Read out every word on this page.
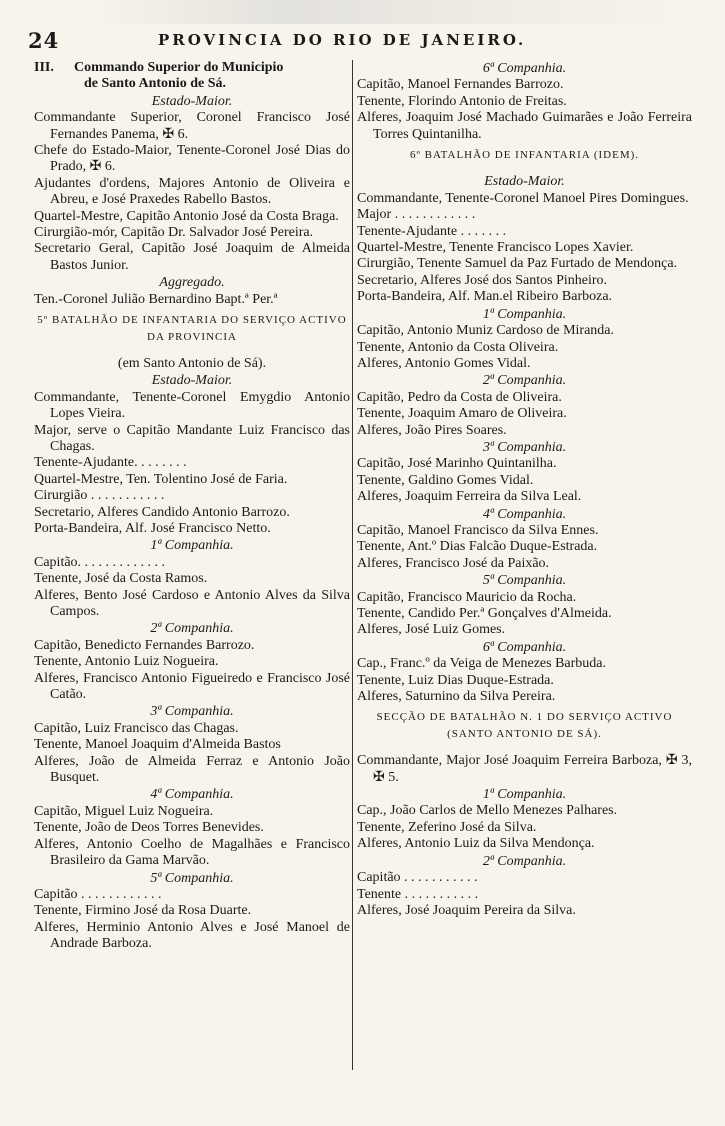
24	PROVINCIA DO RIO DE JANEIRO.

III. Commando Superior do Municipio
de Santo Antonio de Sá.

Estado-Maior.

Commandante Superior, Coronel Francisco José Fernandes Panema, ✠ 6.

Chefe do Estado-Maior, Tenente-Coronel José Dias do Prado, ✠ 6.

Ajudantes d'ordens, Majores Antonio de Oliveira e Abreu, e José Praxedes Rabello Bastos.

Quartel-Mestre, Capitão Antonio José da Costa Braga.

Cirurgião-mór, Capitão Dr. Salvador José Pereira.

Secretario Geral, Capitão José Joaquim de Almeida Bastos Junior.

Aggregado.

Ten.-Coronel Julião Bernardino Bapt.ª Per.ª

5º BATALHÃO DE INFANTARIA DO SERVIÇO ACTIVO DA PROVINCIA

(em Santo Antonio de Sá).

Estado-Maior.

Commandante, Tenente-Coronel Emygdio Antonio Lopes Vieira.

Major, serve o Capitão Mandante Luiz Francisco das Chagas.

Tenente-Ajudante. . . . . . . .

Quartel-Mestre, Ten. Tolentino José de Faria.

Cirurgião . . . . . . . . . . .

Secretario, Alferes Candido Antonio Barrozo.

Porta-Bandeira, Alf. José Francisco Netto.

1ª Companhia.

Capitão. . . . . . . . . . . . .

Tenente, José da Costa Ramos.

Alferes, Bento José Cardoso e Antonio Alves da Silva Campos.

2ª Companhia.

Capitão, Benedicto Fernandes Barrozo.

Tenente, Antonio Luiz Nogueira.

Alferes, Francisco Antonio Figueiredo e Francisco José Catão.

3ª Companhia.

Capitão, Luiz Francisco das Chagas.

Tenente, Manoel Joaquim d'Almeida Bastos

Alferes, João de Almeida Ferraz e Antonio João Busquet.

4ª Companhia.

Capitão, Miguel Luiz Nogueira.

Tenente, João de Deos Torres Benevides.

Alferes, Antonio Coelho de Magalhães e Francisco Brasileiro da Gama Marvão.

5ª Companhia.

Capitão . . . . . . . . . . . .

Tenente, Firmino José da Rosa Duarte.

Alferes, Herminio Antonio Alves e José Manoel de Andrade Barboza.

6ª Companhia.

Capitão, Manoel Fernandes Barrozo.

Tenente, Florindo Antonio de Freitas.

Alferes, Joaquim José Machado Guimarães e João Ferreira Torres Quintanilha.

6º BATALHÃO DE INFANTARIA (IDEM).

Estado-Maior.

Commandante, Tenente-Coronel Manoel Pires Domingues.

Major . . . . . . . . . . . .

Tenente-Ajudante . . . . . . .

Quartel-Mestre, Tenente Francisco Lopes Xavier.

Cirurgião, Tenente Samuel da Paz Furtado de Mendonça.

Secretario, Alferes José dos Santos Pinheiro.

Porta-Bandeira, Alf. Man.el Ribeiro Barboza.

1ª Companhia.

Capitão, Antonio Muniz Cardoso de Miranda.

Tenente, Antonio da Costa Oliveira.

Alferes, Antonio Gomes Vidal.

2ª Companhia.

Capitão, Pedro da Costa de Oliveira.

Tenente, Joaquim Amaro de Oliveira.

Alferes, João Pires Soares.

3ª Companhia.

Capitão, José Marinho Quintanilha.

Tenente, Galdino Gomes Vidal.

Alferes, Joaquim Ferreira da Silva Leal.

4ª Companhia.

Capitão, Manoel Francisco da Silva Ennes.

Tenente, Ant.º Dias Falcão Duque-Estrada.

Alferes, Francisco José da Paixão.

5ª Companhia.

Capitão, Francisco Mauricio da Rocha.

Tenente, Candido Per.ª Gonçalves d'Almeida.

Alferes, José Luiz Gomes.

6ª Companhia.

Cap., Franc.º da Veiga de Menezes Barbuda.

Tenente, Luiz Dias Duque-Estrada.

Alferes, Saturnino da Silva Pereira.

SECÇÃO DE BATALHÃO N. 1 DO SERVIÇO ACTIVO (SANTO ANTONIO DE SÁ).

Commandante, Major José Joaquim Ferreira Barboza, ✠ 3, ✠ 5.

1ª Companhia.

Cap., João Carlos de Mello Menezes Palhares.

Tenente, Zeferino José da Silva.

Alferes, Antonio Luiz da Silva Mendonça.

2ª Companhia.

Capitão . . . . . . . . . . .

Tenente . . . . . . . . . . .

Alferes, José Joaquim Pereira da Silva.
